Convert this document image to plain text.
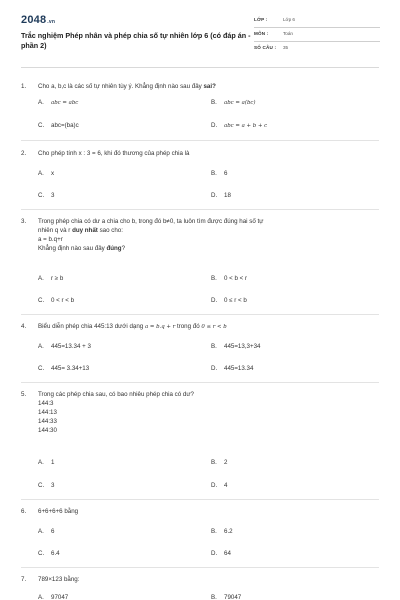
2048.vn
Trắc nghiệm Phép nhân và phép chia số tự nhiên lớp 6 (có đáp án - phần 2)
LỚP :	Lớp 6
MÔN :	Toán
SỐ CÂU : 35
1.	Cho a, b,c là các số tự nhiên tùy ý. Khẳng định nào sau đây sai?
A. abc = abc	B. abc = a(bc)
C. abc=(ba)c	D. abc = a + b + c
2.	Cho phép tính x : 3 = 6, khi đó thương của phép chia là
A. x	B. 6
C. 3	D. 18
3.	Trong phép chia có dư a chia cho b, trong đó b≠0, ta luôn tìm được đúng hai số tự
nhiên q và r duy nhất sao cho:
a = b.q+r
Khẳng định nào sau đây đúng?
A. r ≥ b	B. 0 < b < r
C. 0 < r < b	D. 0 ≤ r < b
4.	Biểu diễn phép chia 445:13 dưới dạng a = b.q + r trong đó 0 ≤ r < b
A. 445=13.34 + 3	B. 445=13,3+34
C. 445= 3.34+13	D. 445=13.34
5.	Trong các phép chia sau, có bao nhiêu phép chia có dư?
144:3
144:13
144:33
144:30
A. 1	B. 2
C. 3	D. 4
6.	6+6+6+6 bằng
A. 6	B. 6.2
C. 6.4	D. 64
7.	789×123 bằng:
A. 97047	B. 79047
